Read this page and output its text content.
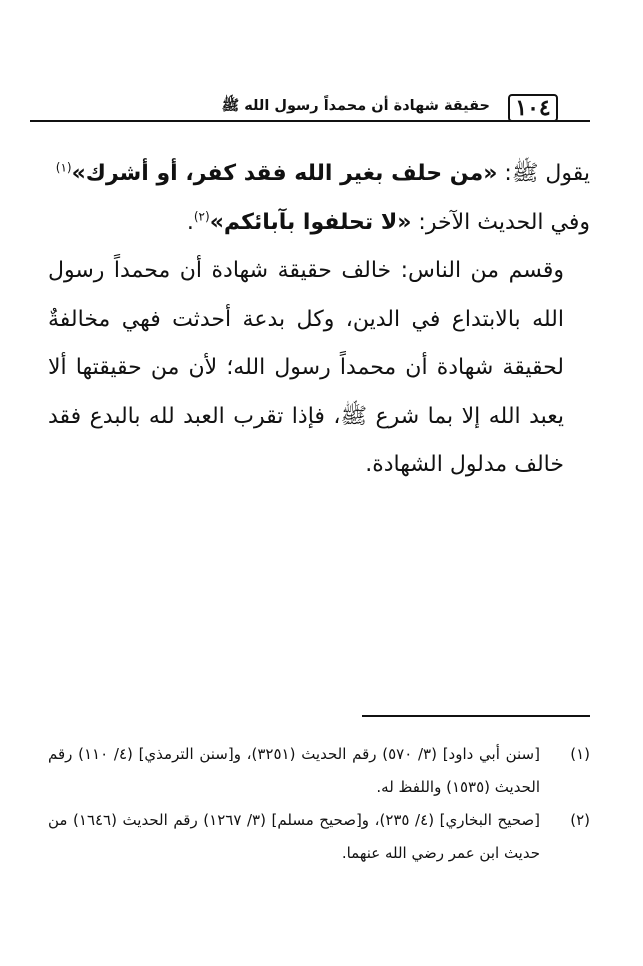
١٠٤
حقيقة شهادة أن محمداً رسول الله ﷺ

يقول ﷺ: «من حلف بغير الله فقد كفر، أو أشرك»$^{(١)}$

وفي الحديث الآخر: «لا تحلفوا بآبائكم»$^{(٢)}$.

وقسم من الناس: خالف حقيقة شهادة أن محمداً رسول الله بالابتداع في الدين، وكل بدعة أحدثت فهي مخالفةٌ لحقيقة شهادة أن محمداً رسول الله؛ لأن من حقيقتها ألا يعبد الله إلا بما شرع ﷺ، فإذا تقرب العبد لله بالبدع فقد خالف مدلول الشهادة.

(١)
[سنن أبي داود] (٣/ ٥٧٠) رقم الحديث (٣٢٥١)، و[سنن الترمذي] (٤/ ١١٠) رقم الحديث (١٥٣٥) واللفظ له.
(٢)
[صحيح البخاري] (٤/ ٢٣٥)، و[صحيح مسلم] (٣/ ١٢٦٧) رقم الحديث (١٦٤٦) من حديث ابن عمر رضي الله عنهما.
